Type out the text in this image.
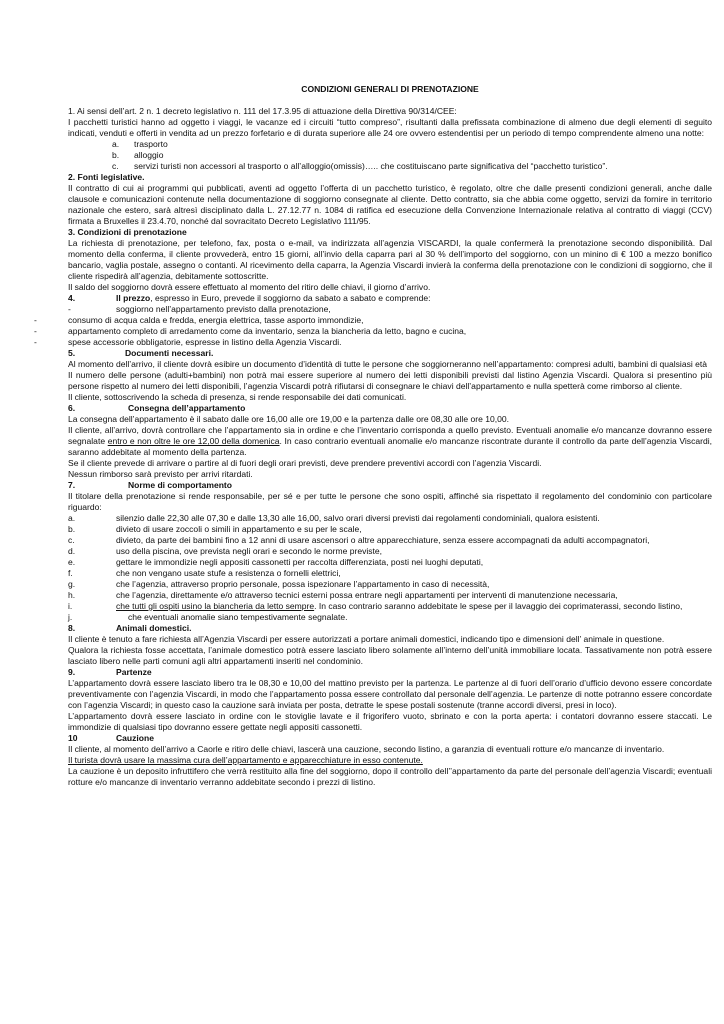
CONDIZIONI GENERALI DI PRENOTAZIONE

1. Ai sensi dell’art. 2 n. 1 decreto legislativo n. 111 del 17.3.95 di attuazione della Direttiva 90/314/CEE:

I pacchetti turistici hanno ad oggetto i viaggi, le vacanze ed i circuiti “tutto compreso”, risultanti dalla prefissata combinazione di almeno due degli elementi di seguito indicati, venduti e offerti in vendita ad un prezzo forfetario e di durata superiore alle 24 ore ovvero estendentisi per un periodo di tempo comprendente almeno una notte:

a. trasporto
b. alloggio
c. servizi turisti non accessori al trasporto o all’alloggio(omissis)….. che costituiscano parte significativa del “pacchetto turistico”.

2. Fonti legislative.

Il contratto di cui ai programmi qui pubblicati, aventi ad oggetto l’offerta di un pacchetto turistico, è regolato, oltre che dalle presenti condizioni generali, anche dalle clausole e comunicazioni contenute nella documentazione di soggiorno consegnate al cliente. Detto contratto, sia che abbia come oggetto, servizi da fornire in territorio nazionale che estero, sarà altresì disciplinato dalla L. 27.12.77 n. 1084 di ratifica ed esecuzione della Convenzione Internazionale relativa al contratto di viaggi (CCV) firmata a Bruxelles il 23.4.70, nonché dal sovracitato Decreto Legislativo 111/95.

3. Condizioni di prenotazione

La richiesta di prenotazione, per telefono, fax, posta o e-mail, va indirizzata all’agenzia VISCARDI, la quale confermerà la prenotazione secondo disponibilità. Dal momento della conferma, il cliente provvederà, entro 15 giorni, all’invio della caparra pari al 30 % dell’importo del soggiorno, con un minino di € 100 a mezzo bonifico bancario, vaglia postale, assegno o contanti. Al ricevimento della caparra, la Agenzia Viscardi invierà la conferma della prenotazione con le condizioni di soggiorno, che il cliente rispedirà all’agenzia, debitamente sottoscritte.

Il saldo del soggiorno dovrà essere effettuato al momento del ritiro delle chiavi, il giorno d’arrivo.

4.	Il prezzo, espresso in Euro, prevede il soggiorno da sabato a sabato e comprende:

-	soggiorno nell’appartamento previsto dalla prenotazione,

-	consumo di acqua calda e fredda, energia elettrica, tasse asporto immondizie,

-	appartamento completo di arredamento come da inventario, senza la biancheria da letto, bagno e cucina,

-	spese accessorie obbligatorie, espresse in listino della Agenzia Viscardi.

5.	Documenti necessari.

Al momento dell’arrivo, il cliente dovrà esibire un documento d’identità di tutte le persone che soggiorneranno nell’appartamento: compresi adulti, bambini di qualsiasi età

Il numero delle persone (adulti+bambini) non potrà mai essere superiore al numero dei letti disponibili previsti dal listino Agenzia Viscardi. Qualora si presentino più persone rispetto al numero dei letti disponibili, l’agenzia Viscardi potrà rifiutarsi di consegnare le chiavi dell’appartamento e nulla spetterà come rimborso al cliente.

Il cliente, sottoscrivendo la scheda di presenza, si rende responsabile dei dati comunicati.

6.	Consegna dell’appartamento

La consegna dell’appartamento è il sabato dalle ore 16,00 alle ore 19,00 e la partenza dalle ore 08,30 alle ore 10,00.

Il cliente, all’arrivo, dovrà controllare che l’appartamento sia in ordine e che l’inventario corrisponda a quello previsto. Eventuali anomalie e/o mancanze dovranno essere segnalate entro e non oltre le ore 12,00 della domenica. In caso contrario eventuali anomalie e/o mancanze riscontrate durante il controllo da parte dell’agenzia Viscardi, saranno addebitate al momento della partenza.

Se il cliente prevede di arrivare o partire al di fuori degli orari previsti, deve prendere preventivi accordi con l’agenzia Viscardi.

Nessun rimborso sarà previsto per arrivi ritardati.

7.	Norme di comportamento

Il titolare della prenotazione si rende responsabile, per sé e per tutte le persone che sono ospiti, affinché sia rispettato il regolamento del condominio con particolare riguardo:

a.	silenzio dalle 22,30 alle 07,30 e dalle 13,30 alle 16,00, salvo orari diversi previsti dai regolamenti condominiali, qualora esistenti.

b.	divieto di usare zoccoli o simili in appartamento e su per le scale,

c.	divieto, da parte dei bambini fino a 12 anni di usare ascensori o altre apparecchiature, senza essere accompagnati da adulti accompagnatori,

d.	uso della piscina, ove prevista negli orari e secondo le norme previste,

e.	gettare le immondizie negli appositi cassonetti per raccolta differenziata, posti nei luoghi deputati,

f.	che non vengano usate stufe a resistenza o fornelli elettrici,

g.	che l’agenzia, attraverso proprio personale, possa ispezionare l’appartamento in caso di necessità,

h.	che l’agenzia, direttamente e/o attraverso tecnici esterni possa entrare negli appartamenti per interventi di manutenzione necessaria,

i.	che tutti gli ospiti usino la biancheria da letto sempre. In caso contrario saranno addebitate le spese per il lavaggio dei coprimaterassi, secondo listino,

j.	che eventuali anomalie siano tempestivamente segnalate.

8.	Animali domestici.

Il cliente è tenuto a fare richiesta all’Agenzia Viscardi per essere autorizzati a portare animali domestici, indicando tipo e dimensioni dell’ animale in questione.

Qualora la richiesta fosse accettata, l’animale domestico potrà essere lasciato libero solamente all’interno dell’unità immobiliare locata. Tassativamente non potrà essere lasciato libero nelle parti comuni agli altri appartamenti inseriti nel condominio.

9.	Partenze

L’appartamento dovrà essere lasciato libero tra le 08,30 e 10,00 del mattino previsto per la partenza. Le partenze al di fuori dell’orario d’ufficio devono essere concordate preventivamente con l’agenzia Viscardi, in modo che l’appartamento possa essere controllato dal personale dell’agenzia. Le partenze di notte potranno essere concordate con l’agenzia Viscardi; in questo caso la cauzione sarà inviata per posta, detratte le spese postali sostenute (tranne accordi diversi, presi in loco).

L’appartamento dovrà essere lasciato in ordine con le stoviglie lavate e il frigorifero vuoto, sbrinato e con la porta aperta: i contatori dovranno essere staccati. Le immondizie di qualsiasi tipo dovranno essere gettate negli appositi cassonetti.

10	Cauzione

Il cliente, al momento dell’arrivo a Caorle e ritiro delle chiavi, lascerà una cauzione, secondo listino, a garanzia di eventuali rotture e/o mancanze di inventario.

Il turista dovrà usare la massima cura dell’appartamento e apparecchiature in esso contenute.

La cauzione è un deposito infruttifero che verrà restituito alla fine del soggiorno, dopo il controllo dell’’appartamento da parte del personale dell’agenzia Viscardi; eventuali rotture e/o mancanze di inventario verranno addebitate secondo i prezzi di listino.
